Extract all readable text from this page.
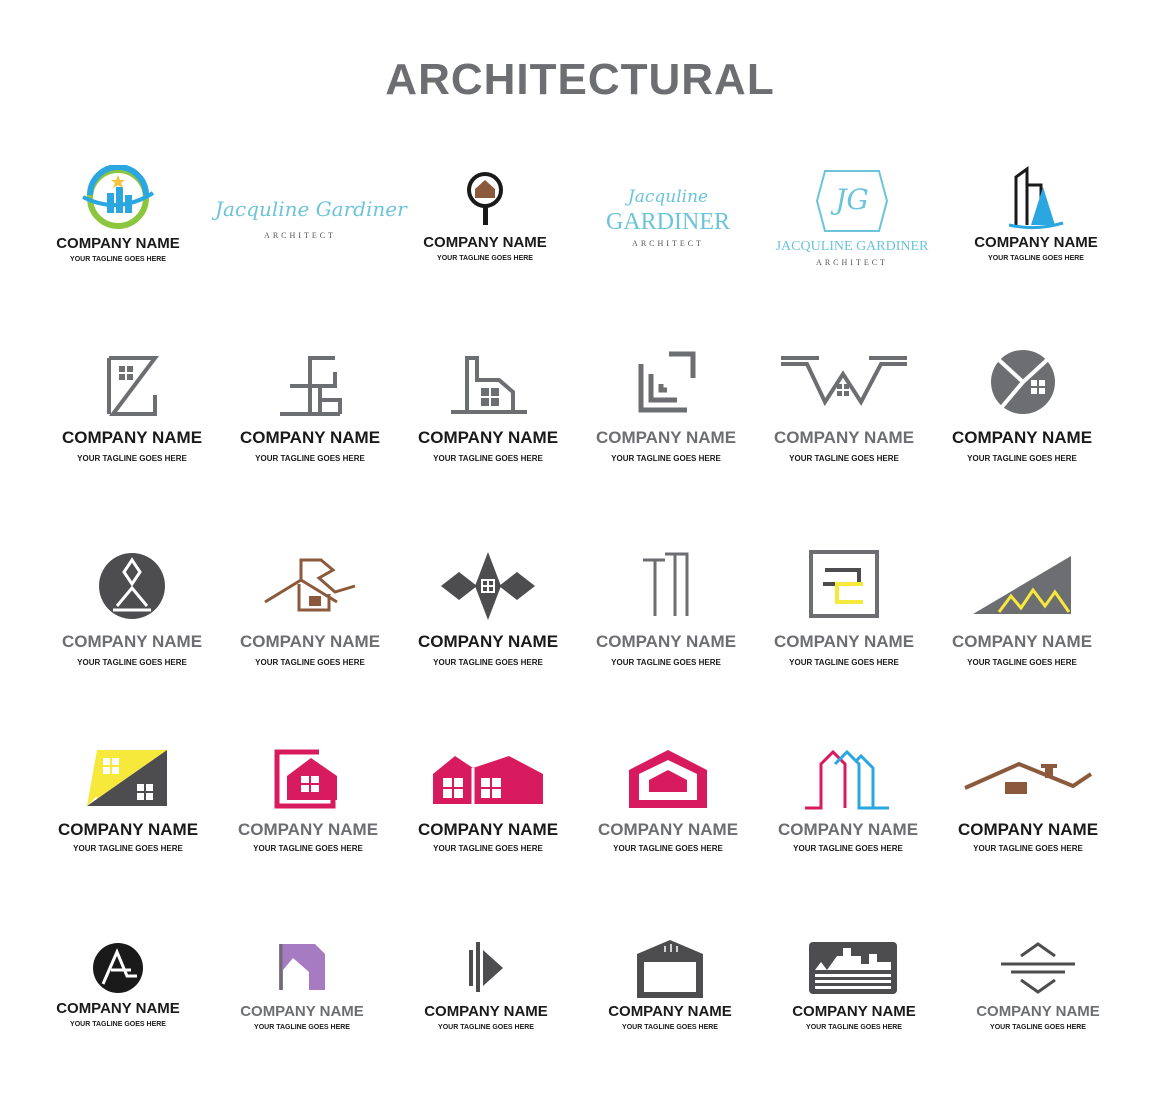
ARCHITECTURAL
COMPANY NAME
YOUR TAGLINE GOES HERE
Jacquline Gardiner
ARCHITECT	COMPANY NAME
YOUR TAGLINE GOES HERE
Jacquline
GARDINER
ARCHITECT
JG
JACQULINE GARDINER
ARCHITECT
COMPANY NAME
YOUR TAGLINE GOES HERE
COMPANY NAME
YOUR TAGLINE GOES HERE
COMPANY NAME
YOUR TAGLINE GOES HERE
COMPANY NAME
YOUR TAGLINE GOES HERE
COMPANY NAME
YOUR TAGLINE GOES HERE
COMPANY NAME
YOUR TAGLINE GOES HERE
COMPANY NAME
YOUR TAGLINE GOES HERE
COMPANY NAME
YOUR TAGLINE GOES HERE
COMPANY NAME
YOUR TAGLINE GOES HERE
COMPANY NAME
YOUR TAGLINE GOES HERE
COMPANY NAME
YOUR TAGLINE GOES HERE
COMPANY NAME
YOUR TAGLINE GOES HERE
COMPANY NAME
YOUR TAGLINE GOES HERE
COMPANY NAME
YOUR TAGLINE GOES HERE
COMPANY NAME
YOUR TAGLINE GOES HERE
COMPANY NAME
YOUR TAGLINE GOES HERE
COMPANY NAME
YOUR TAGLINE GOES HERE
COMPANY NAME
YOUR TAGLINE GOES HERE
COMPANY NAME
YOUR TAGLINE GOES HERE
COMPANY NAME
YOUR TAGLINE GOES HERE
COMPANY NAME
YOUR TAGLINE GOES HERE
COMPANY NAME
YOUR TAGLINE GOES HERE
COMPANY NAME
YOUR TAGLINE GOES HERE
COMPANY NAME
YOUR TAGLINE GOES HERE
COMPANY NAME
YOUR TAGLINE GOES HERE
